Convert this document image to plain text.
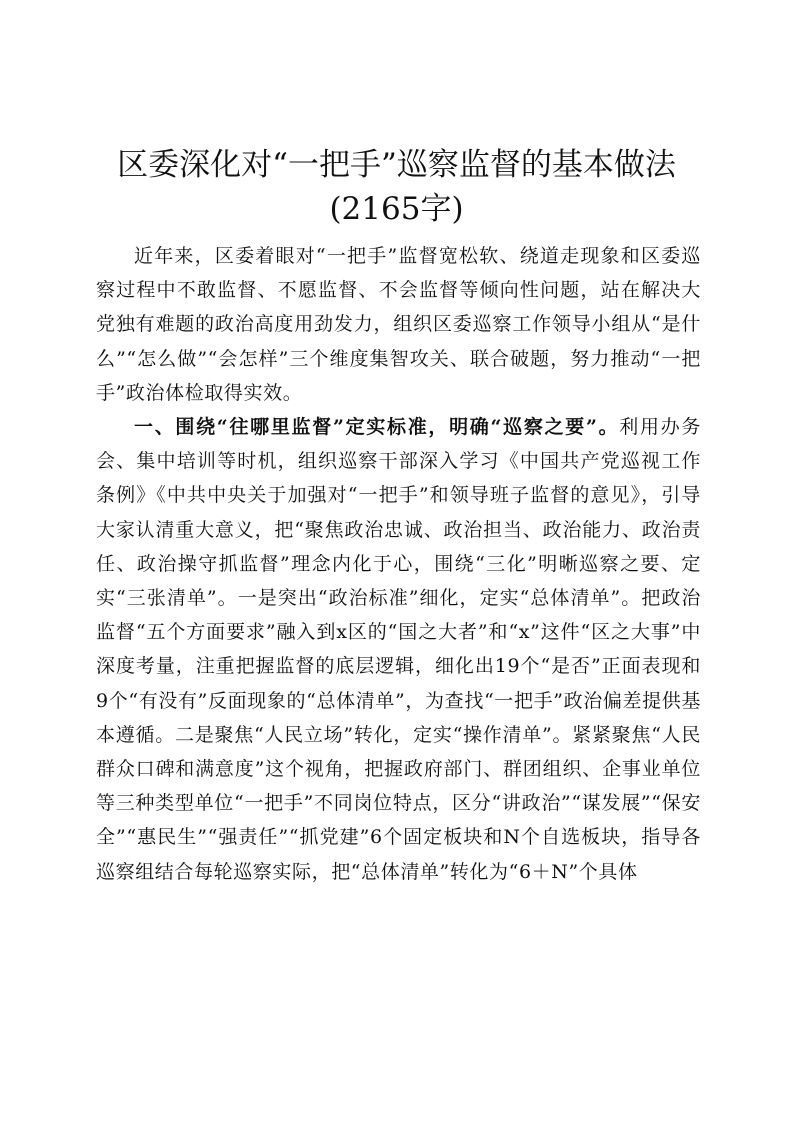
区委深化对“一把手”巡察监督的基本做法
(2165字)

近年来，区委着眼对“一把手”监督宽松软、绕道走现象和区委巡察过程中不敢监督、不愿监督、不会监督等倾向性问题，站在解决大党独有难题的政治高度用劲发力，组织区委巡察工作领导小组从“是什么”“怎么做”“会怎样”三个维度集智攻关、联合破题，努力推动“一把手”政治体检取得实效。

一、围绕“往哪里监督”定实标准，明确“巡察之要”。利用办务会、集中培训等时机，组织巡察干部深入学习《中国共产党巡视工作条例》《中共中央关于加强对“一把手”和领导班子监督的意见》，引导大家认清重大意义，把“聚焦政治忠诚、政治担当、政治能力、政治责任、政治操守抓监督”理念内化于心，围绕“三化”明晰巡察之要、定实“三张清单”。一是突出“政治标准”细化，定实“总体清单”。把政治监督“五个方面要求”融入到x区的“国之大者”和“x”这件“区之大事”中深度考量，注重把握监督的底层逻辑，细化出19个“是否”正面表现和9个“有没有”反面现象的“总体清单”，为查找“一把手”政治偏差提供基本遵循。二是聚焦“人民立场”转化，定实“操作清单”。紧紧聚焦“人民群众口碑和满意度”这个视角，把握政府部门、群团组织、企事业单位等三种类型单位“一把手”不同岗位特点，区分“讲政治”“谋发展”“保安全”“惠民生”“强责任”“抓党建”6个固定板块和N个自选板块，指导各巡察组结合每轮巡察实际，把“总体清单”转化为“6＋N”个具体
